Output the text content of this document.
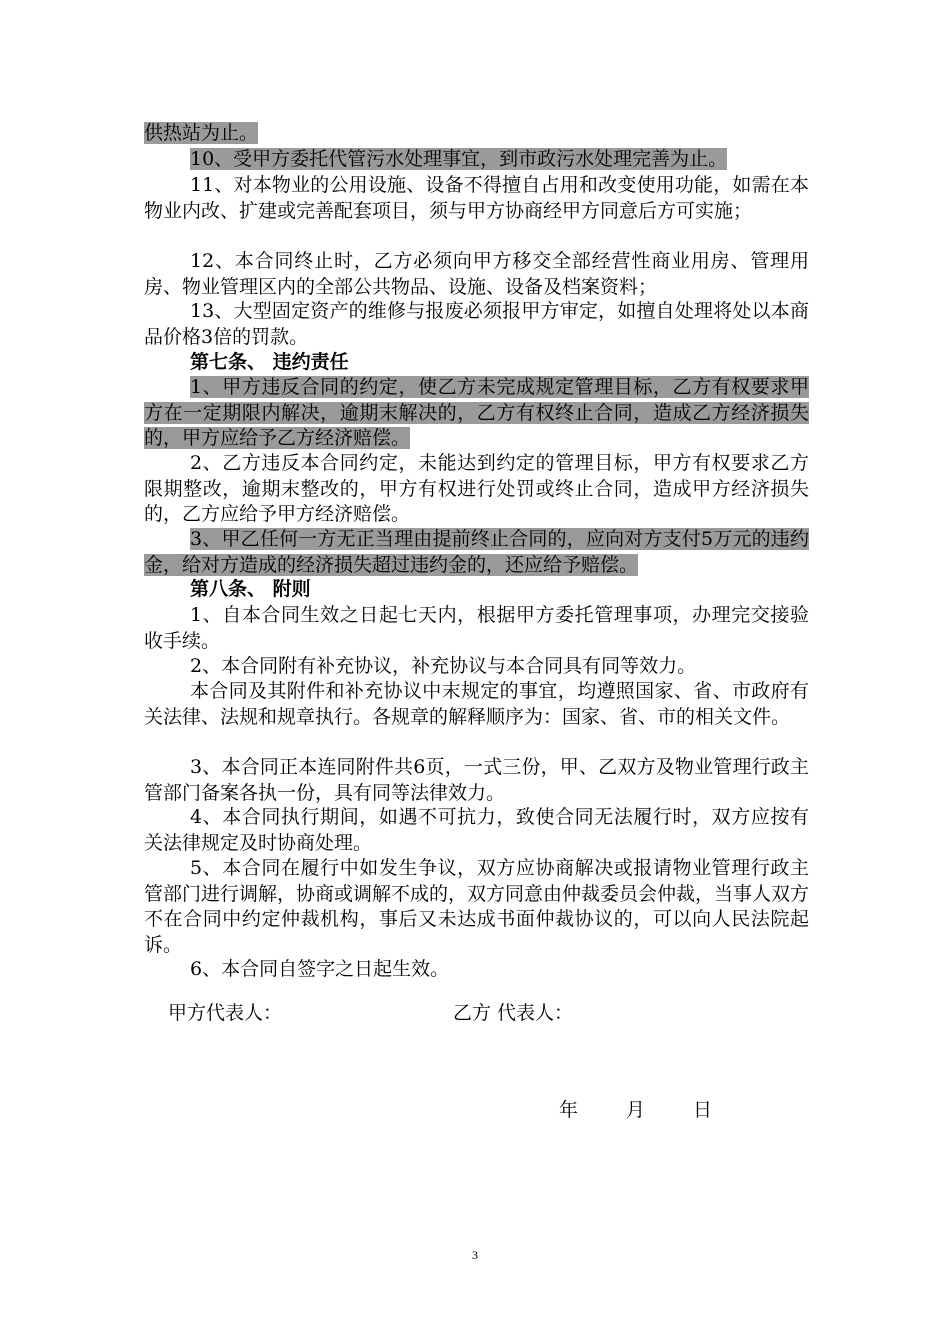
供热站为止。

10、受甲方委托代管污水处理事宜，到市政污水处理完善为止。

11、对本物业的公用设施、设备不得擅自占用和改变使用功能，如需在本物业内改、扩建或完善配套项目，须与甲方协商经甲方同意后方可实施；

12、本合同终止时，乙方必须向甲方移交全部经营性商业用房、管理用房、物业管理区内的全部公共物品、设施、设备及档案资料；

13、大型固定资产的维修与报废必须报甲方审定，如擅自处理将处以本商品价格3倍的罚款。

第七条、 违约责任

1、甲方违反合同的约定，使乙方未完成规定管理目标，乙方有权要求甲方在一定期限内解决，逾期末解决的，乙方有权终止合同，造成乙方经济损失的，甲方应给予乙方经济赔偿。

2、乙方违反本合同约定，未能达到约定的管理目标，甲方有权要求乙方限期整改，逾期末整改的，甲方有权进行处罚或终止合同，造成甲方经济损失的，乙方应给予甲方经济赔偿。

3、甲乙任何一方无正当理由提前终止合同的，应向对方支付5万元的违约金，给对方造成的经济损失超过违约金的，还应给予赔偿。

第八条、 附则

1、自本合同生效之日起七天内，根据甲方委托管理事项，办理完交接验收手续。

2、本合同附有补充协议，补充协议与本合同具有同等效力。

本合同及其附件和补充协议中末规定的事宜，均遵照国家、省、市政府有关法律、法规和规章执行。各规章的解释顺序为：国家、省、市的相关文件。

3、本合同正本连同附件共6页，一式三份，甲、乙双方及物业管理行政主管部门备案各执一份，具有同等法律效力。

4、本合同执行期间，如遇不可抗力，致使合同无法履行时，双方应按有关法律规定及时协商处理。

5、本合同在履行中如发生争议，双方应协商解决或报请物业管理行政主管部门进行调解，协商或调解不成的，双方同意由仲裁委员会仲裁，当事人双方不在合同中约定仲裁机构，事后又未达成书面仲裁协议的，可以向人民法院起诉。

6、本合同自签字之日起生效。

甲方代表人：	乙方 代表人：
年	月	日
3
